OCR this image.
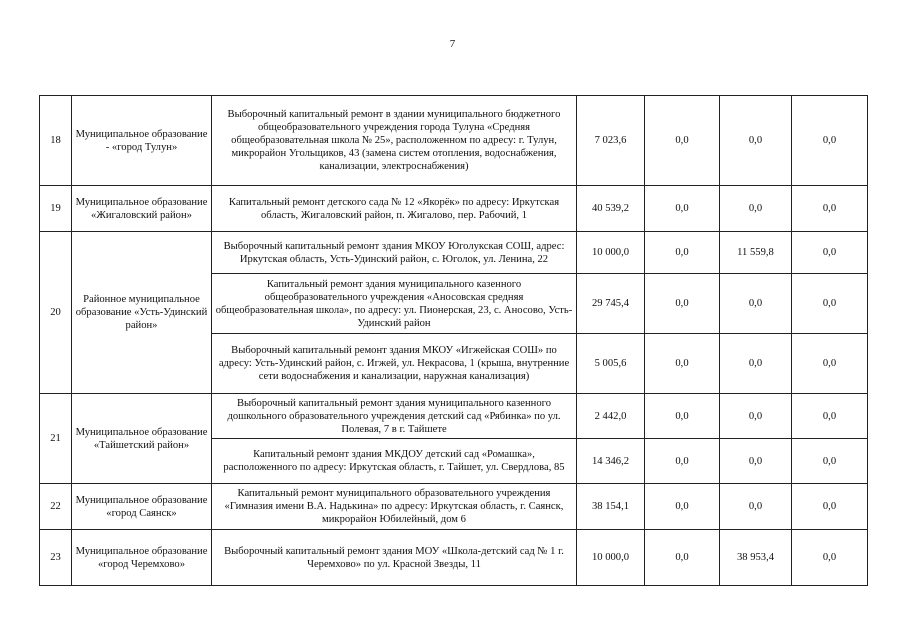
7
18	Муниципальное образование - «город Тулун»	Выборочный капитальный ремонт в здании муниципального бюджетного общеобразовательного учреждения города Тулуна «Средняя общеобразовательная школа № 25», расположенном по адресу: г. Тулун, микрорайон Угольщиков, 43 (замена систем отопления, водоснабжения, канализации, электроснабжения)	7 023,6	0,0	0,0	0,0
19	Муниципальное образование «Жигаловский район»	Капитальный ремонт детского сада № 12 «Якорёк» по адресу: Иркутская область, Жигаловский район, п. Жигалово, пер. Рабочий, 1	40 539,2	0,0	0,0	0,0
20	Районное муниципальное образование «Усть-Удинский район»	Выборочный капитальный ремонт здания МКОУ Юголукская СОШ, адрес: Иркутская область, Усть-Удинский район, с. Юголок, ул. Ленина, 22	10 000,0	0,0	11 559,8	0,0
		Капитальный ремонт здания муниципального казенного общеобразовательного учреждения «Аносовская средняя общеобразовательная школа», по адресу: ул. Пионерская, 23, с. Аносово, Усть-Удинский район	29 745,4	0,0	0,0	0,0
		Выборочный капитальный ремонт здания МКОУ «Игжейская СОШ» по адресу: Усть-Удинский район, с. Игжей, ул. Некрасова, 1 (крыша, внутренние сети водоснабжения и канализации, наружная канализация)	5 005,6	0,0	0,0	0,0
21	Муниципальное образование «Тайшетский район»	Выборочный капитальный ремонт здания муниципального казенного дошкольного образовательного учреждения детский сад «Рябинка» по ул. Полевая, 7 в г. Тайшете	2 442,0	0,0	0,0	0,0
		Капитальный ремонт здания МКДОУ детский сад «Ромашка», расположенного по адресу: Иркутская область, г. Тайшет, ул. Свердлова, 85	14 346,2	0,0	0,0	0,0
22	Муниципальное образование «город Саянск»	Капитальный ремонт муниципального образовательного учреждения «Гимназия имени В.А. Надькина» по адресу: Иркутская область, г. Саянск, микрорайон Юбилейный, дом 6	38 154,1	0,0	0,0	0,0
23	Муниципальное образование «город Черемхово»	Выборочный капитальный ремонт здания МОУ «Школа-детский сад № 1 г. Черемхово» по ул. Красной Звезды, 11	10 000,0	0,0	38 953,4	0,0
